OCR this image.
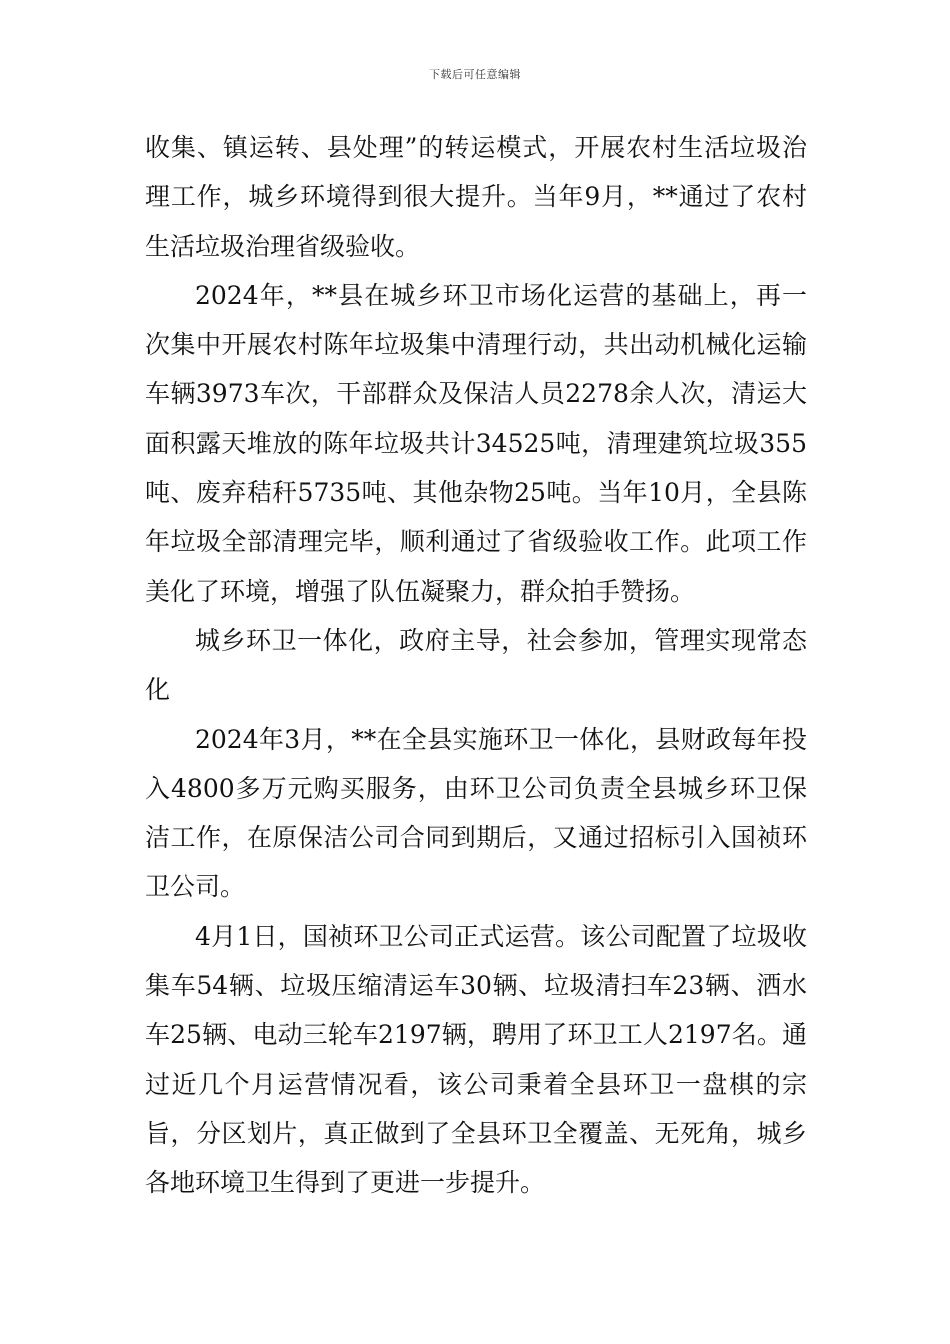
下载后可任意编辑

收集、镇运转、县处理”的转运模式，开展农村生活垃圾治理工作，城乡环境得到很大提升。当年9月，**通过了农村生活垃圾治理省级验收。

2024年，**县在城乡环卫市场化运营的基础上，再一次集中开展农村陈年垃圾集中清理行动，共出动机械化运输车辆3973车次，干部群众及保洁人员2278余人次，清运大面积露天堆放的陈年垃圾共计34525吨，清理建筑垃圾355吨、废弃秸秆5735吨、其他杂物25吨。当年10月，全县陈年垃圾全部清理完毕，顺利通过了省级验收工作。此项工作美化了环境，增强了队伍凝聚力，群众拍手赞扬。

城乡环卫一体化，政府主导，社会参加，管理实现常态化

2024年3月，**在全县实施环卫一体化，县财政每年投入4800多万元购买服务，由环卫公司负责全县城乡环卫保洁工作，在原保洁公司合同到期后，又通过招标引入国祯环卫公司。

4月1日，国祯环卫公司正式运营。该公司配置了垃圾收集车54辆、垃圾压缩清运车30辆、垃圾清扫车23辆、洒水车25辆、电动三轮车2197辆，聘用了环卫工人2197名。通过近几个月运营情况看，该公司秉着全县环卫一盘棋的宗旨，分区划片，真正做到了全县环卫全覆盖、无死角，城乡各地环境卫生得到了更进一步提升。
